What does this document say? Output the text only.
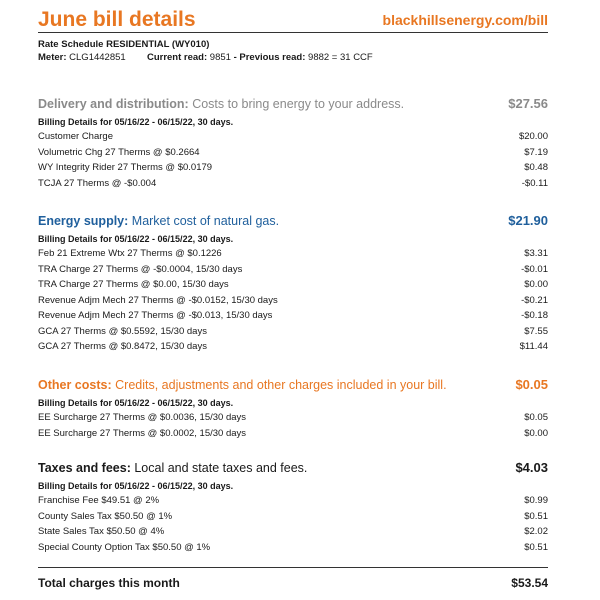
June bill details	blackhillsenergy.com/bill
Rate Schedule RESIDENTIAL (WY010)
Meter: CLG1442851 Current read: 9851 - Previous read: 9882 = 31 CCF
Delivery and distribution: Costs to bring energy to your address.	$27.56
Billing Details for 05/16/22 - 06/15/22, 30 days.
Customer Charge	$20.00
Volumetric Chg 27 Therms @ $0.2664	$7.19
WY Integrity Rider 27 Therms @ $0.0179	$0.48
TCJA 27 Therms @ -$0.004	-$0.11
Energy supply: Market cost of natural gas.	$21.90
Billing Details for 05/16/22 - 06/15/22, 30 days.
Feb 21 Extreme Wtx 27 Therms @ $0.1226	$3.31
TRA Charge 27 Therms @ -$0.0004, 15/30 days	-$0.01
TRA Charge 27 Therms @ $0.00, 15/30 days	$0.00
Revenue Adjm Mech 27 Therms @ -$0.0152, 15/30 days	-$0.21
Revenue Adjm Mech 27 Therms @ -$0.013, 15/30 days	-$0.18
GCA 27 Therms @ $0.5592, 15/30 days	$7.55
GCA 27 Therms @ $0.8472, 15/30 days	$11.44
Other costs: Credits, adjustments and other charges included in your bill.	$0.05
Billing Details for 05/16/22 - 06/15/22, 30 days.
EE Surcharge 27 Therms @ $0.0036, 15/30 days	$0.05
EE Surcharge 27 Therms @ $0.0002, 15/30 days	$0.00
Taxes and fees: Local and state taxes and fees.	$4.03
Billing Details for 05/16/22 - 06/15/22, 30 days.
Franchise Fee $49.51 @ 2%	$0.99
County Sales Tax $50.50 @ 1%	$0.51
State Sales Tax $50.50 @ 4%	$2.02
Special County Option Tax $50.50 @ 1%	$0.51
Total charges this month	$53.54
